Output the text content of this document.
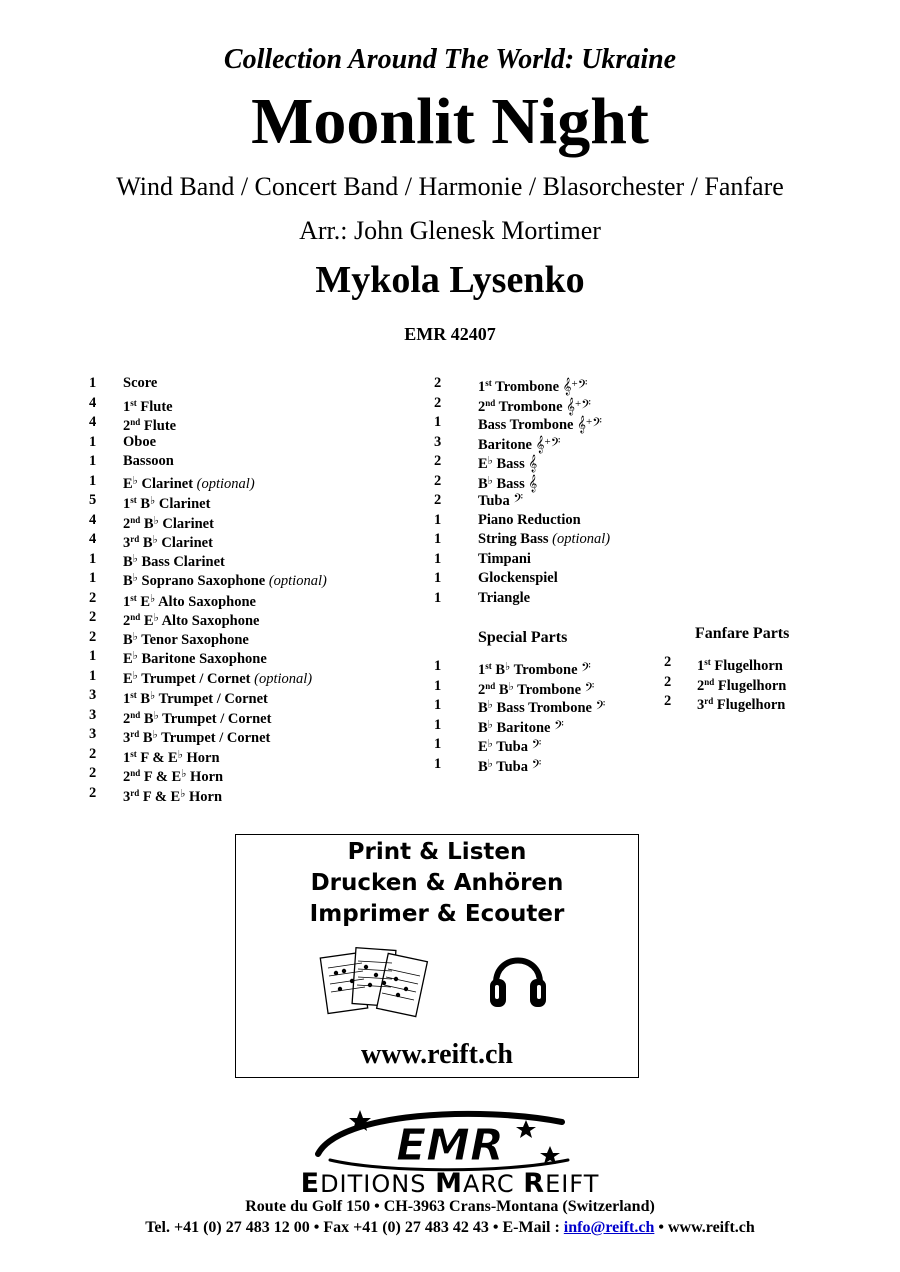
Collection Around The World: Ukraine
Moonlit Night
Wind Band / Concert Band / Harmonie / Blasorchester / Fanfare
Arr.: John Glenesk Mortimer
Mykola Lysenko
EMR 42407
1 Score
4 1st Flute
4 2nd Flute
1 Oboe
1 Bassoon
1 E♭ Clarinet (optional)
5 1st B♭ Clarinet
4 2nd B♭ Clarinet
4 3rd B♭ Clarinet
1 B♭ Bass Clarinet
1 B♭ Soprano Saxophone (optional)
2 1st E♭ Alto Saxophone
2 2nd E♭ Alto Saxophone
2 B♭ Tenor Saxophone
1 E♭ Baritone Saxophone
1 E♭ Trumpet / Cornet (optional)
3 1st B♭ Trumpet / Cornet
3 2nd B♭ Trumpet / Cornet
3 3rd B♭ Trumpet / Cornet
2 1st F & E♭ Horn
2 2nd F & E♭ Horn
2 3rd F & E♭ Horn
2	1st Trombone 𝄞+𝄢
2	2nd Trombone 𝄞+𝄢
1	Bass Trombone 𝄞+𝄢
3	Baritone 𝄞+𝄢
2	E♭ Bass 𝄞
2	B♭ Bass 𝄞
2	Tuba 𝄢
1	Piano Reduction
1	String Bass (optional)
1	Timpani
1	Glockenspiel
1	Triangle
Special Parts
1	1st B♭ Trombone 𝄢
1	2nd B♭ Trombone 𝄢
1	B♭ Bass Trombone 𝄢
1	B♭ Baritone 𝄢
1	E♭ Tuba 𝄢
1	B♭ Tuba 𝄢
Fanfare Parts
2 1st Flugelhorn
2 2nd Flugelhorn
2 3rd Flugelhorn
Print & Listen
Drucken & Anhören
Imprimer & Ecouter
www.reift.ch
EMR
EDITIONS MARC REIFT
Route du Golf 150 • CH-3963 Crans-Montana (Switzerland)
Tel. +41 (0) 27 483 12 00 • Fax +41 (0) 27 483 42 43 • E-Mail : info@reift.ch • www.reift.ch
